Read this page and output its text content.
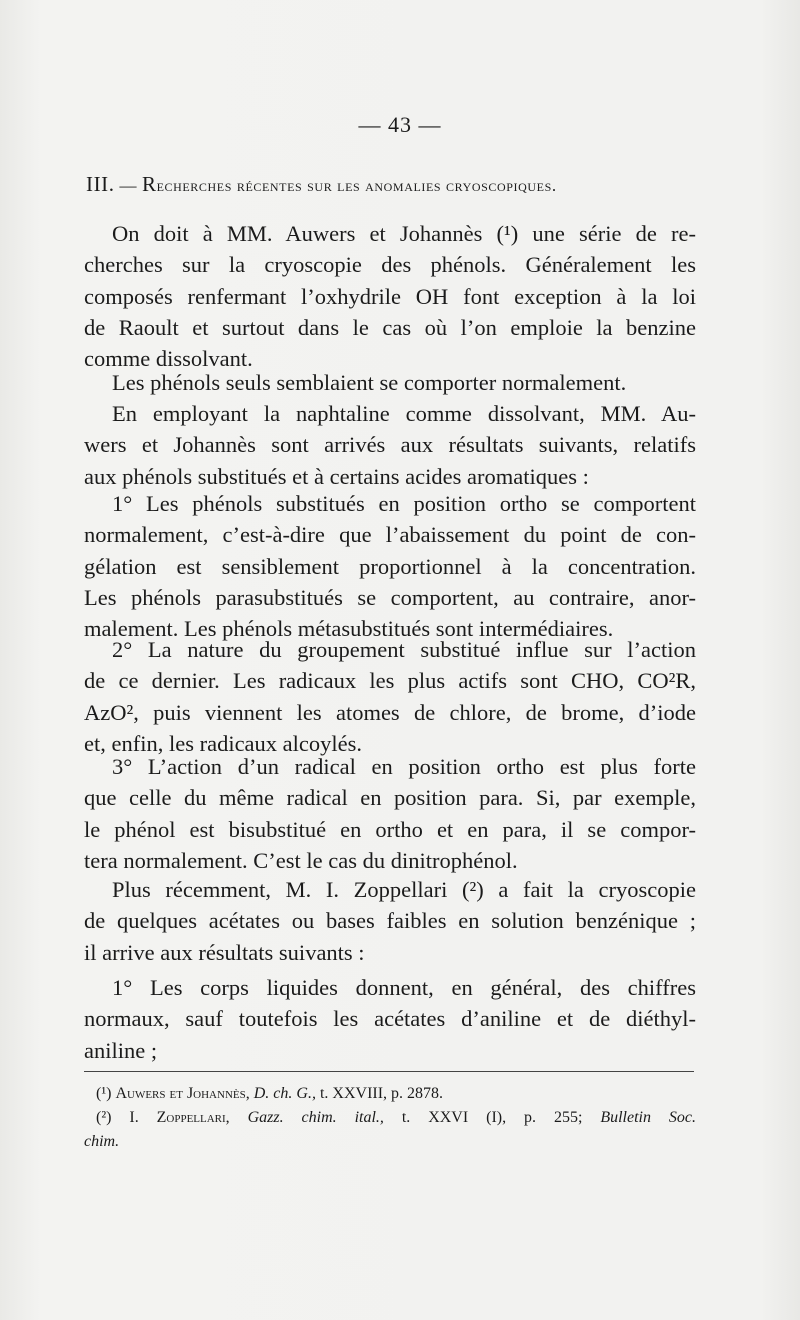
— 43 —
III. — Recherches récentes sur les anomalies cryoscopiques.
On doit à MM. Auwers et Johannès (¹) une série de re-
cherches sur la cryoscopie des phénols. Généralement les
composés renfermant l’oxhydrile OH font exception à la loi
de Raoult et surtout dans le cas où l’on emploie la benzine
comme dissolvant.
Les phénols seuls semblaient se comporter normalement.
En employant la naphtaline comme dissolvant, MM. Au-
wers et Johannès sont arrivés aux résultats suivants, relatifs
aux phénols substitués et à certains acides aromatiques :
1° Les phénols substitués en position ortho se comportent
normalement, c’est-à-dire que l’abaissement du point de con-
gélation est sensiblement proportionnel à la concentration.
Les phénols parasubstitués se comportent, au contraire, anor-
malement. Les phénols métasubstitués sont intermédiaires.
2° La nature du groupement substitué influe sur l’action
de ce dernier. Les radicaux les plus actifs sont CHO, CO²R,
AzO², puis viennent les atomes de chlore, de brome, d’iode
et, enfin, les radicaux alcoylés.
3° L’action d’un radical en position ortho est plus forte
que celle du même radical en position para. Si, par exemple,
le phénol est bisubstitué en ortho et en para, il se compor-
tera normalement. C’est le cas du dinitrophénol.
Plus récemment, M. I. Zoppellari (²) a fait la cryoscopie
de quelques acétates ou bases faibles en solution benzénique ;
il arrive aux résultats suivants :
1° Les corps liquides donnent, en général, des chiffres
normaux, sauf toutefois les acétates d’aniline et de diéthyl-
aniline ;
(¹) Auwers et Johannès, D. ch. G., t. XXVIII, p. 2878.
(²) I. Zoppellari, Gazz. chim. ital., t. XXVI (I), p. 255; Bulletin Soc.
chim.
